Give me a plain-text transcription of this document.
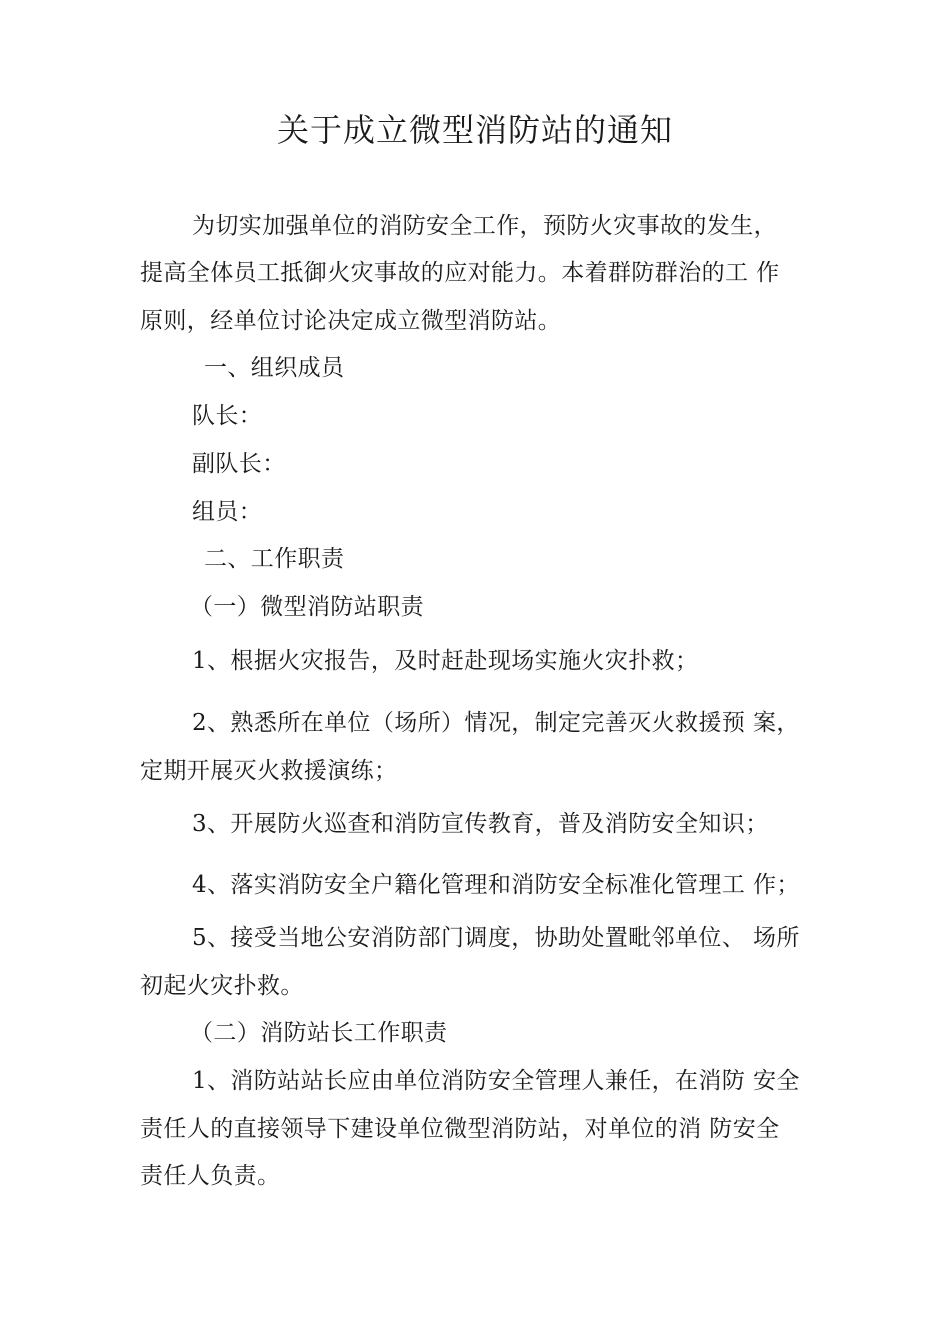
关于成立微型消防站的通知
为切实加强单位的消防安全工作，预防火灾事故的发生，
提高全体员工抵御火灾事故的应对能力。本着群防群治的工 作
原则，经单位讨论决定成立微型消防站。
一、组织成员
队长：
副队长：
组员：
二、工作职责
（一）微型消防站职责
1、根据火灾报告，及时赶赴现场实施火灾扑救；
2、熟悉所在单位（场所）情况，制定完善灭火救援预 案，
定期开展灭火救援演练；
3、开展防火巡查和消防宣传教育，普及消防安全知识；
4、落实消防安全户籍化管理和消防安全标准化管理工 作；
5、接受当地公安消防部门调度，协助处置毗邻单位、 场所
初起火灾扑救。
（二）消防站长工作职责
1、消防站站长应由单位消防安全管理人兼任，在消防 安全
责任人的直接领导下建设单位微型消防站，对单位的消 防安全
责任人负责。
